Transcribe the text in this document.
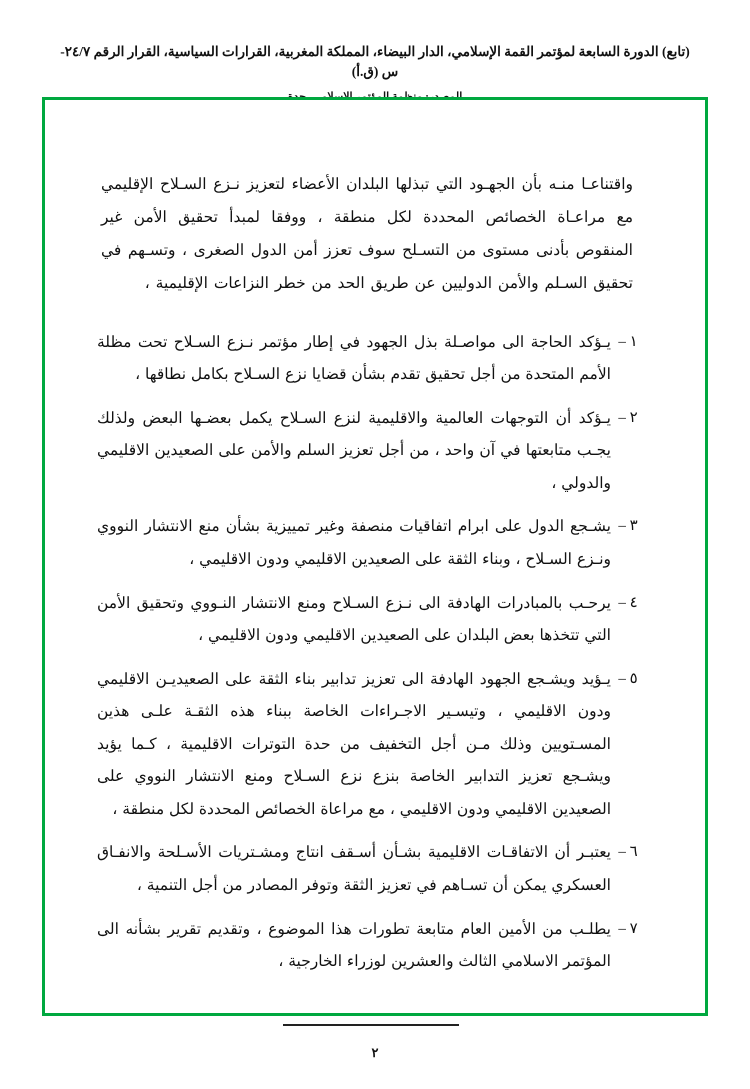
(تابع) الدورة السابعة لمؤتمر القمة الإسلامي، الدار البيضاء، المملكة المغربية، القرارات السياسية، القرار الرقم ٢٤/٧-س (ق.أ)

واقتناعـا منـه بأن الجهـود التي تبذلها البلدان الأعضاء لتعزيز نـزع السـلاح الإقليمي مع مراعـاة الخصائص المحددة لكل منطقة ، ووفقا لمبدأ تحقيق الأمن غير المنقوص بأدنى مستوى من التسـلح سوف تعزز أمن الدول الصغرى ، وتسـهم في تحقيق السـلم والأمن الدوليين عن طريق الحد من خطر النزاعات الإقليمية ،

١ –
يـؤكد الحاجة الى مواصـلة بذل الجهود في إطار مؤتمر نـزع السـلاح تحت مظلة الأمم المتحدة من أجل تحقيق تقدم بشأن قضايا نزع السـلاح بكامل نطاقها ،
٢ –
يـؤكد أن التوجهات العالمية والاقليمية لنزع السـلاح يكمل بعضـها البعض ولذلك يجـب متابعتها في آن واحد ، من أجل تعزيز السلم والأمن على الصعيدين الاقليمي والدولي ،
٣ –
يشـجع الدول على ابرام اتفاقيات منصفة وغير تمييزية بشأن منع الانتشار النووي ونـزع السـلاح ، وبناء الثقة على الصعيدين الاقليمي ودون الاقليمي ،
٤ –
يرحـب بالمبادرات الهادفة الى نـزع السـلاح ومنع الانتشار النـووي وتحقيق الأمن التي تتخذها بعض البلدان على الصعيدين الاقليمي ودون الاقليمي ،
٥ –
يـؤيد ويشـجع الجهود الهادفة الى تعزيز تدابير بناء الثقة على الصعيديـن الاقليمي ودون الاقليمي ، وتيسـير الاجـراءات الخاصة ببناء هذه الثقـة علـى هذين المسـتويين وذلك مـن أجل التخفيف من حدة التوترات الاقليمية ، كـما يؤيد ويشـجع تعزيز التدابير الخاصة بنزع نزع السـلاح ومنع الانتشار النووي على الصعيدين الاقليمي ودون الاقليمي ، مع مراعاة الخصائص المحددة لكل منطقة ،
٦ –
يعتبـر أن الاتفاقـات الاقليمية بشـأن أسـقف انتاج ومشـتريات الأسـلحة والانفـاق العسكري يمكن أن تسـاهم في تعزيز الثقة وتوفر المصادر من أجل التنمية ،
٧ –
يطلـب من الأمين العام متابعة تطورات هذا الموضوع ، وتقديم تقرير بشأنه الى المؤتمر الاسلامي الثالث والعشرين لوزراء الخارجية ،
٢
